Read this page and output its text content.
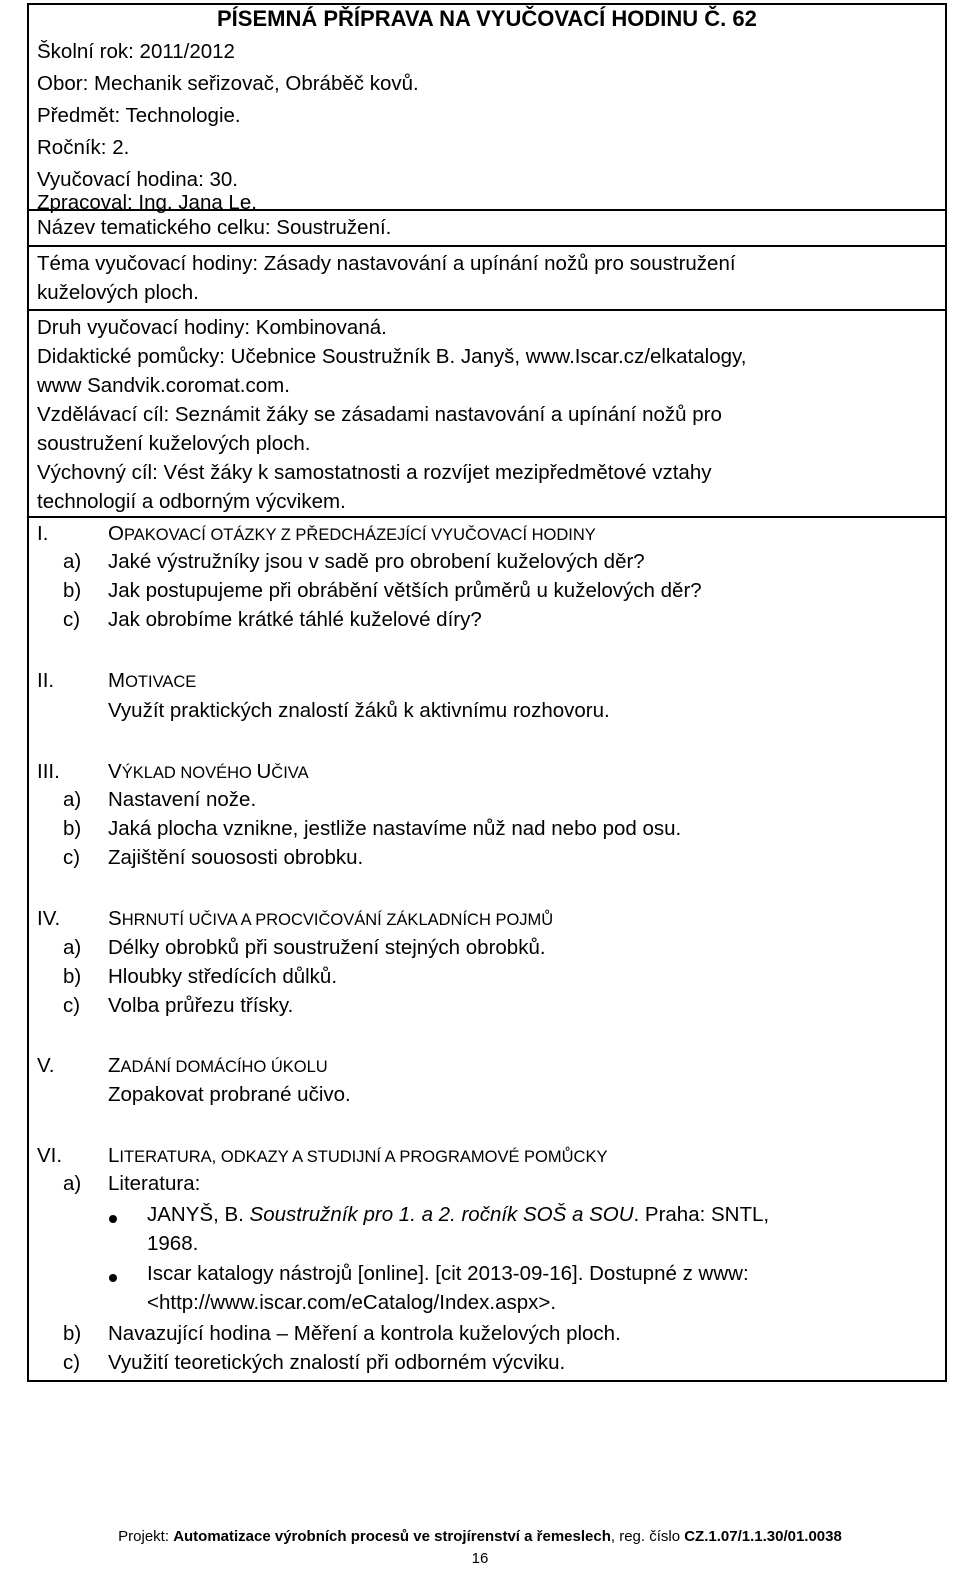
PÍSEMNÁ PŘÍPRAVA NA VYUČOVACÍ HODINU Č. 62
Školní rok: 2011/2012
Obor: Mechanik seřizovač, Obráběč kovů.
Předmět: Technologie.
Ročník: 2.
Vyučovací hodina: 30.
Zpracoval: Ing. Jana Le.
Název tematického celku: Soustružení.
Téma vyučovací hodiny: Zásady nastavování a upínání nožů pro soustružení
kuželových ploch.
Druh vyučovací hodiny: Kombinovaná.
Didaktické pomůcky: Učebnice Soustružník B. Janyš, www.Iscar.cz/elkatalogy,
www Sandvik.coromat.com.
Vzdělávací cíl: Seznámit žáky se zásadami nastavování a upínání nožů pro
soustružení kuželových ploch.
Výchovný cíl: Vést žáky k samostatnosti a rozvíjet mezipředmětové vztahy
technologií a odborným výcvikem.
I.	OPAKOVACÍ OTÁZKY Z PŘEDCHÁZEJÍCÍ VYUČOVACÍ HODINY
a) Jaké výstružníky jsou v sadě pro obrobení kuželových děr?
b) Jak postupujeme při obrábění větších průměrů u kuželových děr?
c) Jak obrobíme krátké táhlé kuželové díry?
II.	MOTIVACE
Využít praktických znalostí žáků k aktivnímu rozhovoru.
III. VÝKLAD NOVÉHO UČIVA
a) Nastavení nože.
b) Jaká plocha vznikne, jestliže nastavíme nůž nad nebo pod osu.
c) Zajištění souososti obrobku.
IV. SHRNUTÍ UČIVA A PROCVIČOVÁNÍ ZÁKLADNÍCH POJMŮ
a) Délky obrobků při soustružení stejných obrobků.
b) Hloubky středících důlků.
c) Volba průřezu třísky.
V.	ZADÁNÍ DOMÁCÍHO ÚKOLU
Zopakovat probrané učivo.
VI. LITERATURA, ODKAZY A STUDIJNÍ A PROGRAMOVÉ POMŮCKY
a) Literatura:
JANYŠ, B. Soustružník pro 1. a 2. ročník SOŠ a SOU. Praha: SNTL,
1968.
Iscar katalogy nástrojů [online]. [cit 2013-09-16]. Dostupné z www:
<http://www.iscar.com/eCatalog/Index.aspx>.
b) Navazující hodina – Měření a kontrola kuželových ploch.
c) Využití teoretických znalostí při odborném výcviku.
Projekt: Automatizace výrobních procesů ve strojírenství a řemeslech, reg. číslo CZ.1.07/1.1.30/01.0038
16
